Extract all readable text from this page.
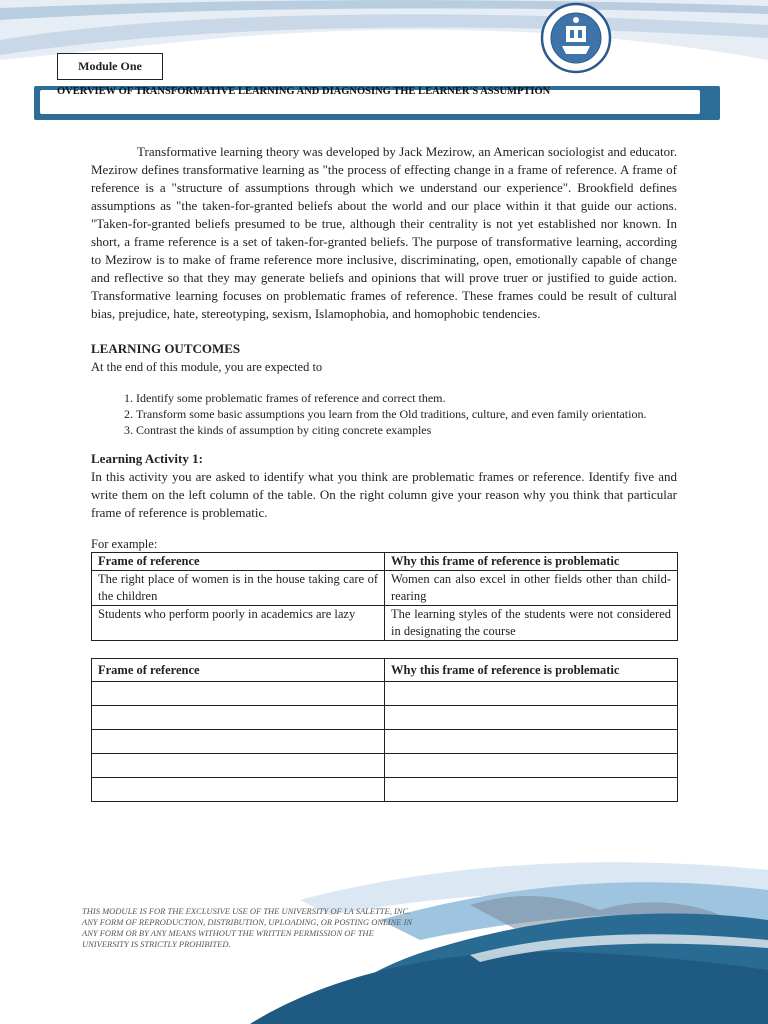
Module One
OVERVIEW OF TRANSFORMATIVE LEARNING AND DIAGNOSING THE LEARNER'S ASSUMPTION

Transformative learning theory was developed by Jack Mezirow, an American sociologist and educator. Mezirow defines transformative learning as "the process of effecting change in a frame of reference. A frame of reference is a "structure of assumptions through which we understand our experience". Brookfield defines assumptions as "the taken-for-granted beliefs about the world and our place within it that guide our actions. "Taken-for-granted beliefs presumed to be true, although their centrality is not yet established nor known. In short, a frame reference is a set of taken-for-granted beliefs. The purpose of transformative learning, according to Mezirow is to make of frame reference more inclusive, discriminating, open, emotionally capable of change and reflective so that they may generate beliefs and opinions that will prove truer or justified to guide action. Transformative learning focuses on problematic frames of reference. These frames could be result of cultural bias, prejudice, hate, stereotyping, sexism, Islamophobia, and homophobic tendencies.

LEARNING OUTCOMES

At the end of this module, you are expected to

1. Identify some problematic frames of reference and correct them.
2. Transform some basic assumptions you learn from the Old traditions, culture, and even family orientation.
3. Contrast the kinds of assumption by citing concrete examples
Learning Activity 1:

In this activity you are asked to identify what you think are problematic frames or reference. Identify five and write them on the left column of the table. On the right column give your reason why you think that particular frame of reference is problematic.

For example:

Frame of reference	Why this frame of reference is problematic
The right place of women is in the house taking care of the children	Women can also excel in other fields other than child-rearing
Students who perform poorly in academics are lazy	The learning styles of the students were not considered in designating the course
Frame of reference	Why this frame of reference is problematic

THIS MODULE IS FOR THE EXCLUSIVE USE OF THE UNIVERSITY OF LA SALETTE, INC. ANY FORM OF REPRODUCTION, DISTRIBUTION, UPLOADING, OR POSTING ONLINE IN ANY FORM OR BY ANY MEANS WITHOUT THE WRITTEN PERMISSION OF THE UNIVERSITY IS STRICTLY PROHIBITED.
